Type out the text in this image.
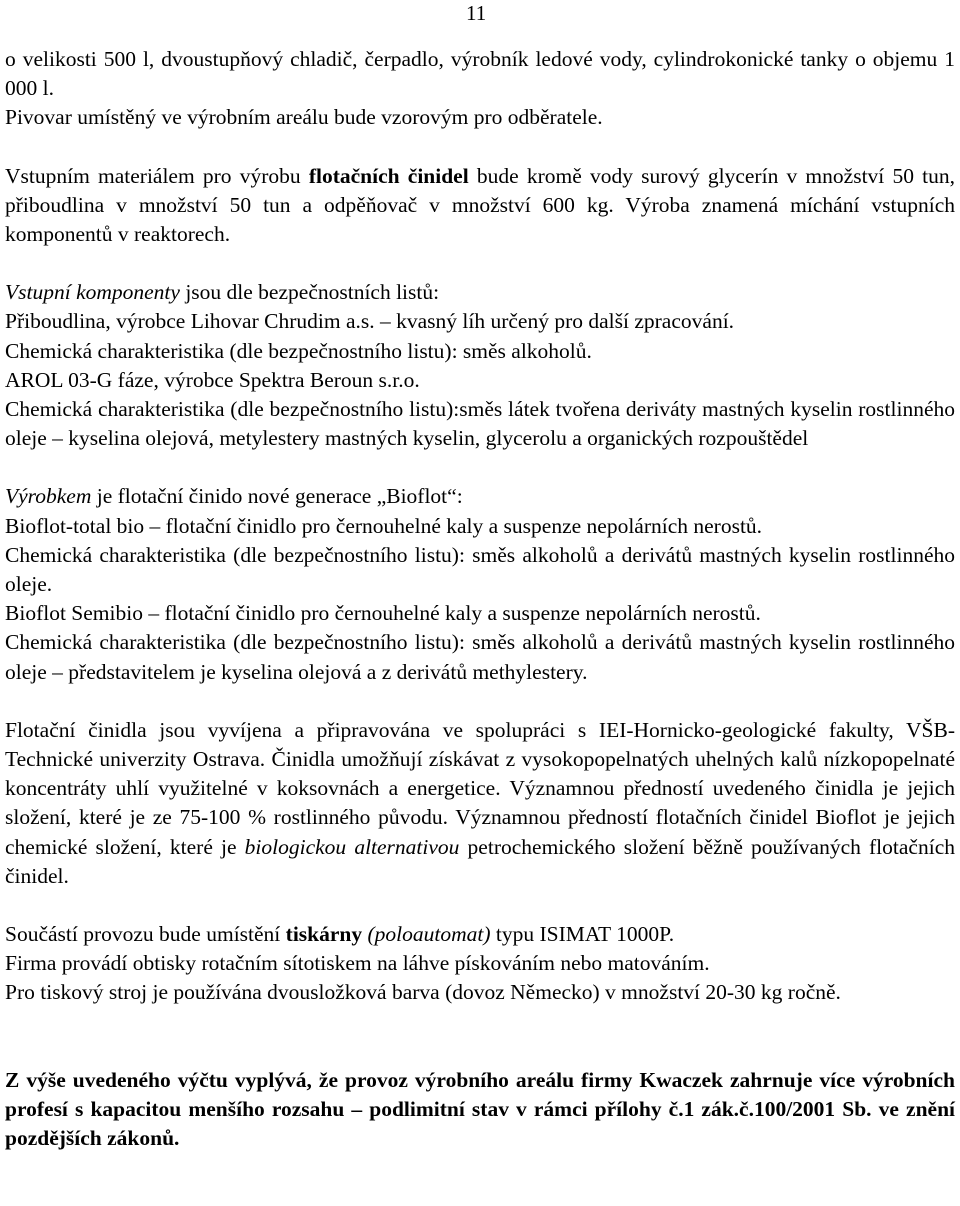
11

o velikosti 500 l, dvoustupňový chladič, čerpadlo, výrobník ledové vody, cylindrokonické tanky o objemu 1 000 l.

Pivovar umístěný ve výrobním areálu bude vzorovým pro odběratele.

Vstupním materiálem pro výrobu flotačních činidel bude kromě vody surový glycerín v množství 50 tun, přiboudlina v množství 50 tun a odpěňovač v množství 600 kg. Výroba znamená míchání vstupních komponentů v reaktorech.

Vstupní komponenty jsou dle bezpečnostních listů:

Přiboudlina, výrobce Lihovar Chrudim a.s. – kvasný líh určený pro další zpracování.

Chemická charakteristika (dle bezpečnostního listu): směs alkoholů.

AROL 03-G fáze, výrobce Spektra Beroun s.r.o.

Chemická charakteristika (dle bezpečnostního listu):směs látek tvořena deriváty mastných kyselin rostlinného oleje – kyselina olejová, metylestery mastných kyselin, glycerolu a organických rozpouštědel

Výrobkem je flotační činido nové generace „Bioflot“:

Bioflot-total bio – flotační činidlo pro černouhelné kaly a suspenze nepolárních nerostů.

Chemická charakteristika (dle bezpečnostního listu): směs alkoholů a derivátů mastných kyselin rostlinného oleje.

Bioflot Semibio – flotační činidlo pro černouhelné kaly a suspenze nepolárních nerostů.

Chemická charakteristika (dle bezpečnostního listu): směs alkoholů a derivátů mastných kyselin rostlinného oleje – představitelem je kyselina olejová a z derivátů methylestery.

Flotační činidla jsou vyvíjena a připravována ve spolupráci s IEI-Hornicko-geologické fakulty, VŠB-Technické univerzity Ostrava. Činidla umožňují získávat z vysokopopelnatých uhelných kalů nízkopopelnaté koncentráty uhlí využitelné v koksovnách a energetice. Významnou předností uvedeného činidla je jejich složení, které je ze 75-100 % rostlinného původu. Významnou předností flotačních činidel Bioflot je jejich chemické složení, které je biologickou alternativou petrochemického složení běžně používaných flotačních činidel.

Součástí provozu bude umístění tiskárny (poloautomat) typu ISIMAT 1000P.

Firma provádí obtisky rotačním sítotiskem na láhve pískováním nebo matováním.

Pro tiskový stroj je používána dvousložková barva (dovoz Německo) v množství 20-30 kg ročně.

Z výše uvedeného výčtu vyplývá, že provoz výrobního areálu firmy Kwaczek zahrnuje více výrobních profesí s kapacitou menšího rozsahu – podlimitní stav v rámci přílohy č.1 zák.č.100/2001 Sb. ve znění pozdějších zákonů.
